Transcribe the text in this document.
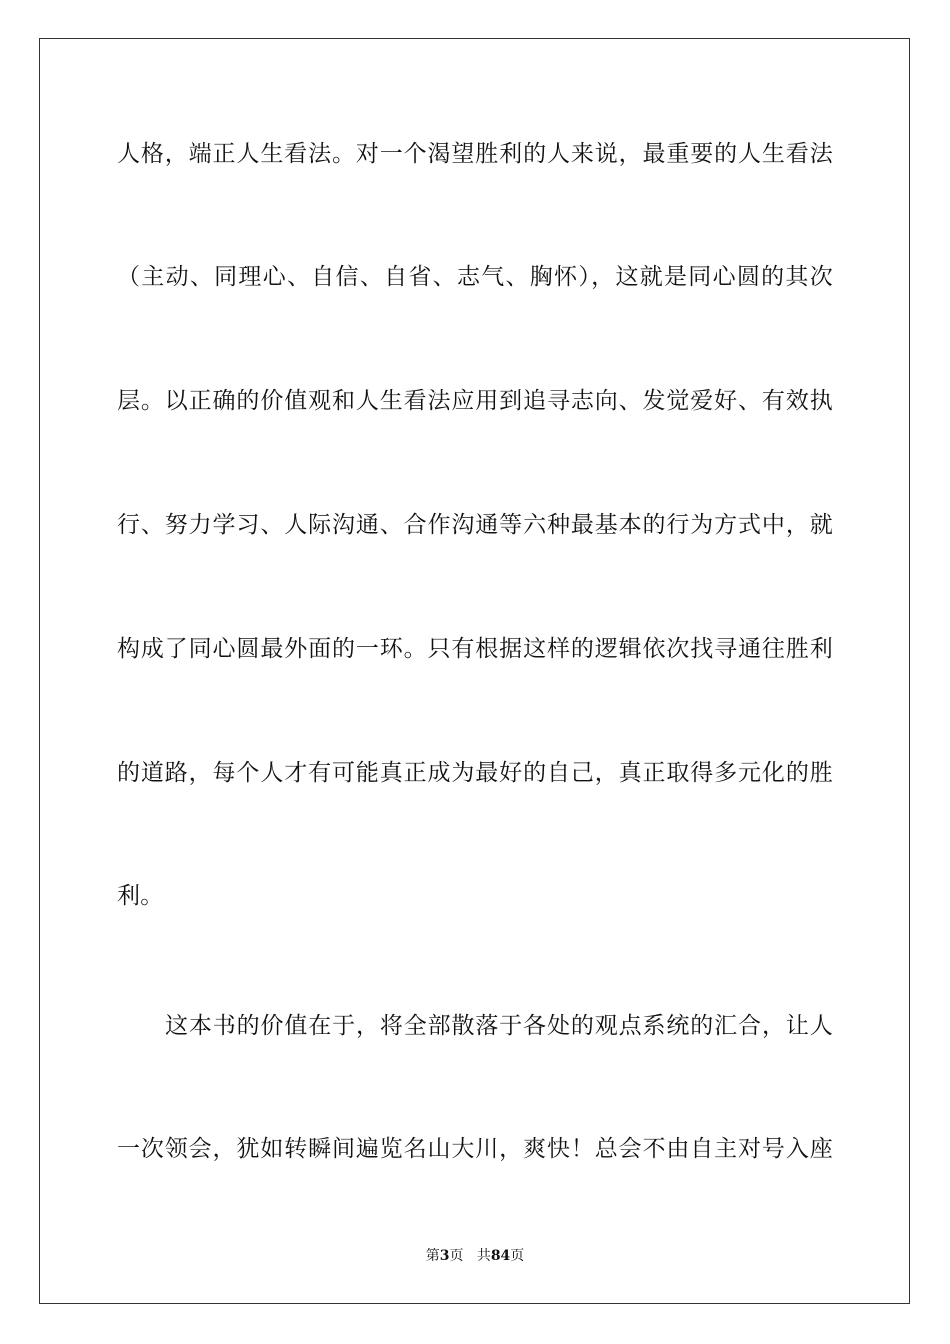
人格，端正人生看法。对一个渴望胜利的人来说，最重要的人生看法
（主动、同理心、自信、自省、志气、胸怀），这就是同心圆的其次
层。以正确的价值观和人生看法应用到追寻志向、发觉爱好、有效执
行、努力学习、人际沟通、合作沟通等六种最基本的行为方式中，就
构成了同心圆最外面的一环。只有根据这样的逻辑依次找寻通往胜利
的道路，每个人才有可能真正成为最好的自己，真正取得多元化的胜
利。
这本书的价值在于，将全部散落于各处的观点系统的汇合，让人
一次领会，犹如转瞬间遍览名山大川，爽快！总会不由自主对号入座
第3页 共84页
